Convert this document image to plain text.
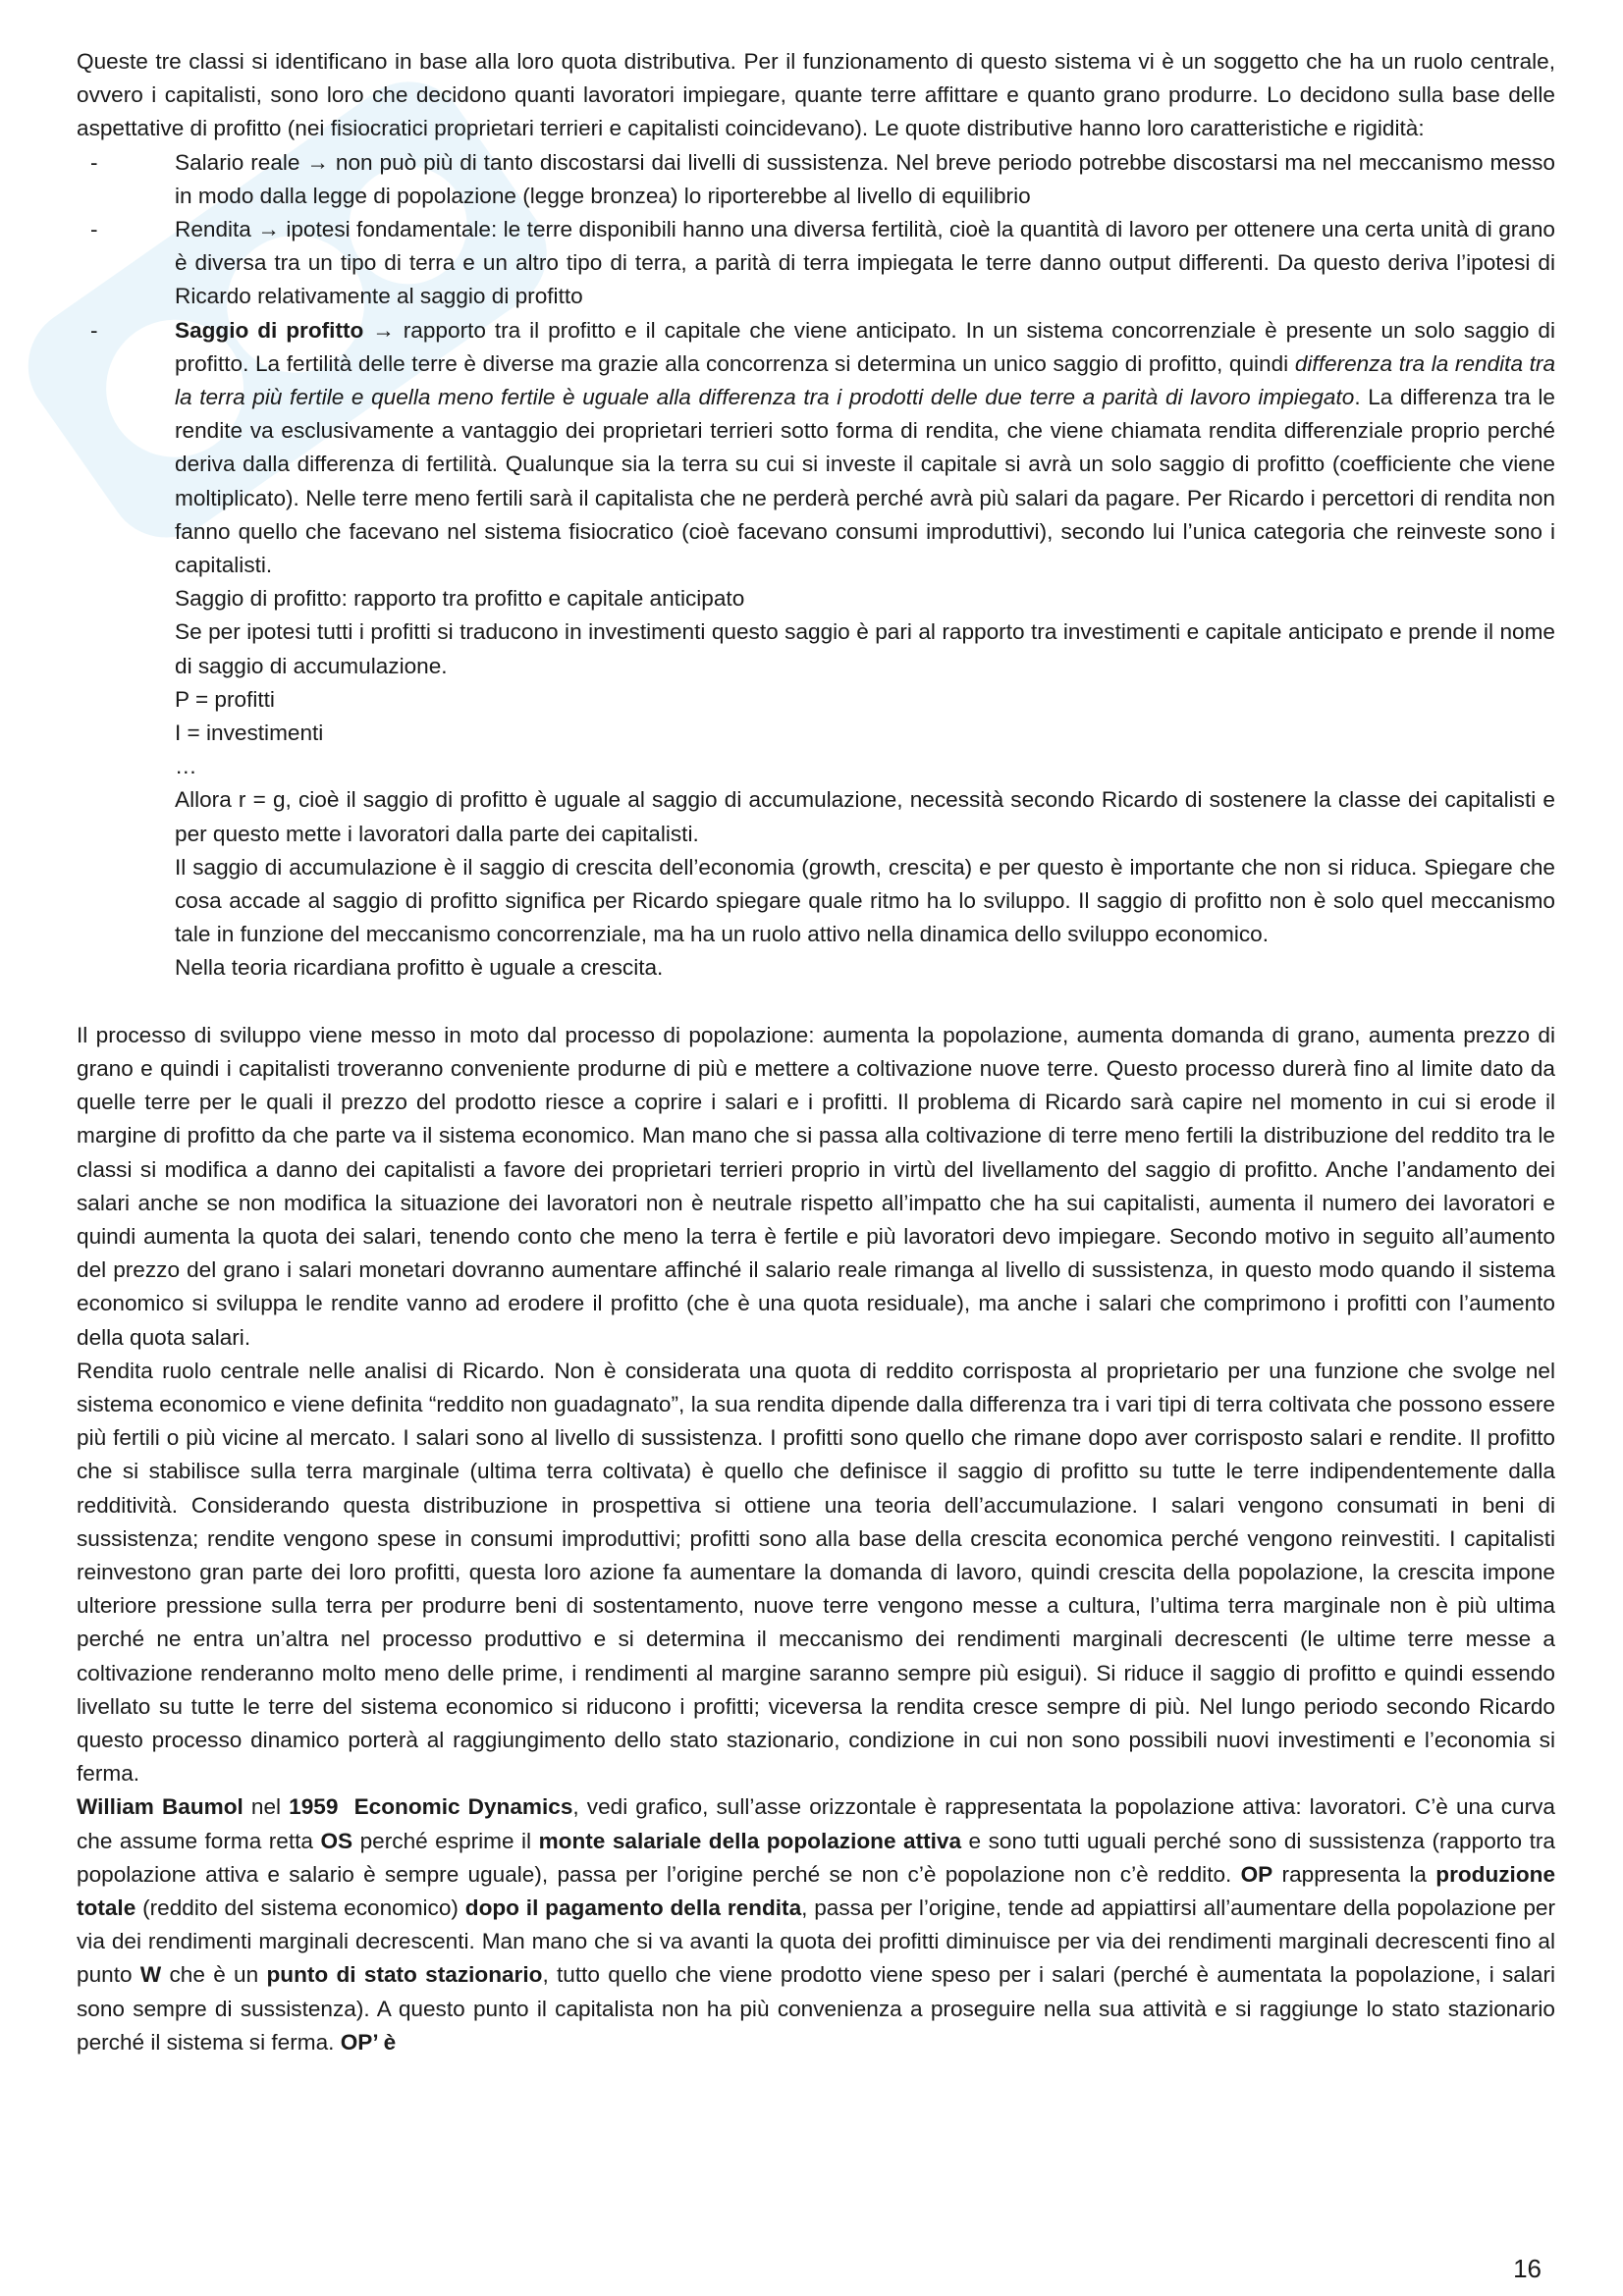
Queste tre classi si identificano in base alla loro quota distributiva. Per il funzionamento di questo sistema vi è un soggetto che ha un ruolo centrale, ovvero i capitalisti, sono loro che decidono quanti lavoratori impiegare, quante terre affittare e quanto grano produrre. Lo decidono sulla base delle aspettative di profitto (nei fisiocratici proprietari terrieri e capitalisti coincidevano). Le quote distributive hanno loro caratteristiche e rigidità:

-	Salario reale → non può più di tanto discostarsi dai livelli di sussistenza. Nel breve periodo potrebbe discostarsi ma nel meccanismo messo in modo dalla legge di popolazione (legge bronzea) lo riporterebbe al livello di equilibrio
-	Rendita → ipotesi fondamentale: le terre disponibili hanno una diversa fertilità, cioè la quantità di lavoro per ottenere una certa unità di grano è diversa tra un tipo di terra e un altro tipo di terra, a parità di terra impiegata le terre danno output differenti. Da questo deriva l’ipotesi di Ricardo relativamente al saggio di profitto
-	Saggio di profitto → rapporto tra il profitto e il capitale che viene anticipato. In un sistema concorrenziale è presente un solo saggio di profitto. La fertilità delle terre è diverse ma grazie alla concorrenza si determina un unico saggio di profitto, quindi differenza tra la rendita tra la terra più fertile e quella meno fertile è uguale alla differenza tra i prodotti delle due terre a parità di lavoro impiegato. La differenza tra le rendite va esclusivamente a vantaggio dei proprietari terrieri sotto forma di rendita, che viene chiamata rendita differenziale proprio perché deriva dalla differenza di fertilità. Qualunque sia la terra su cui si investe il capitale si avrà un solo saggio di profitto (coefficiente che viene moltiplicato). Nelle terre meno fertili sarà il capitalista che ne perderà perché avrà più salari da pagare. Per Ricardo i percettori di rendita non fanno quello che facevano nel sistema fisiocratico (cioè facevano consumi improduttivi), secondo lui l’unica categoria che reinveste sono i capitalisti.

Saggio di profitto: rapporto tra profitto e capitale anticipato

Se per ipotesi tutti i profitti si traducono in investimenti questo saggio è pari al rapporto tra investimenti e capitale anticipato e prende il nome di saggio di accumulazione.

P = profitti

I = investimenti

…

Allora r = g, cioè il saggio di profitto è uguale al saggio di accumulazione, necessità secondo Ricardo di sostenere la classe dei capitalisti e per questo mette i lavoratori dalla parte dei capitalisti.

Il saggio di accumulazione è il saggio di crescita dell’economia (growth, crescita) e per questo è importante che non si riduca. Spiegare che cosa accade al saggio di profitto significa per Ricardo spiegare quale ritmo ha lo sviluppo. Il saggio di profitto non è solo quel meccanismo tale in funzione del meccanismo concorrenziale, ma ha un ruolo attivo nella dinamica dello sviluppo economico.

Nella teoria ricardiana profitto è uguale a crescita.

Il processo di sviluppo viene messo in moto dal processo di popolazione: aumenta la popolazione, aumenta domanda di grano, aumenta prezzo di grano e quindi i capitalisti troveranno conveniente produrne di più e mettere a coltivazione nuove terre. Questo processo durerà fino al limite dato da quelle terre per le quali il prezzo del prodotto riesce a coprire i salari e i profitti. Il problema di Ricardo sarà capire nel momento in cui si erode il margine di profitto da che parte va il sistema economico. Man mano che si passa alla coltivazione di terre meno fertili la distribuzione del reddito tra le classi si modifica a danno dei capitalisti a favore dei proprietari terrieri proprio in virtù del livellamento del saggio di profitto. Anche l’andamento dei salari anche se non modifica la situazione dei lavoratori non è neutrale rispetto all’impatto che ha sui capitalisti, aumenta il numero dei lavoratori e quindi aumenta la quota dei salari, tenendo conto che meno la terra è fertile e più lavoratori devo impiegare. Secondo motivo in seguito all’aumento del prezzo del grano i salari monetari dovranno aumentare affinché il salario reale rimanga al livello di sussistenza, in questo modo quando il sistema economico si sviluppa le rendite vanno ad erodere il profitto (che è una quota residuale), ma anche i salari che comprimono i profitti con l’aumento della quota salari.

Rendita ruolo centrale nelle analisi di Ricardo. Non è considerata una quota di reddito corrisposta al proprietario per una funzione che svolge nel sistema economico e viene definita “reddito non guadagnato”, la sua rendita dipende dalla differenza tra i vari tipi di terra coltivata che possono essere più fertili o più vicine al mercato. I salari sono al livello di sussistenza. I profitti sono quello che rimane dopo aver corrisposto salari e rendite. Il profitto che si stabilisce sulla terra marginale (ultima terra coltivata) è quello che definisce il saggio di profitto su tutte le terre indipendentemente dalla redditività. Considerando questa distribuzione in prospettiva si ottiene una teoria dell’accumulazione. I salari vengono consumati in beni di sussistenza; rendite vengono spese in consumi improduttivi; profitti sono alla base della crescita economica perché vengono reinvestiti. I capitalisti reinvestono gran parte dei loro profitti, questa loro azione fa aumentare la domanda di lavoro, quindi crescita della popolazione, la crescita impone ulteriore pressione sulla terra per produrre beni di sostentamento, nuove terre vengono messe a cultura, l’ultima terra marginale non è più ultima perché ne entra un’altra nel processo produttivo e si determina il meccanismo dei rendimenti marginali decrescenti (le ultime terre messe a coltivazione renderanno molto meno delle prime, i rendimenti al margine saranno sempre più esigui). Si riduce il saggio di profitto e quindi essendo livellato su tutte le terre del sistema economico si riducono i profitti; viceversa la rendita cresce sempre di più. Nel lungo periodo secondo Ricardo questo processo dinamico porterà al raggiungimento dello stato stazionario, condizione in cui non sono possibili nuovi investimenti e l’economia si ferma.

William Baumol nel 1959 Economic Dynamics, vedi grafico, sull’asse orizzontale è rappresentata la popolazione attiva: lavoratori. C’è una curva che assume forma retta OS perché esprime il monte salariale della popolazione attiva e sono tutti uguali perché sono di sussistenza (rapporto tra popolazione attiva e salario è sempre uguale), passa per l’origine perché se non c’è popolazione non c’è reddito. OP rappresenta la produzione totale (reddito del sistema economico) dopo il pagamento della rendita, passa per l’origine, tende ad appiattirsi all’aumentare della popolazione per via dei rendimenti marginali decrescenti. Man mano che si va avanti la quota dei profitti diminuisce per via dei rendimenti marginali decrescenti fino al punto W che è un punto di stato stazionario, tutto quello che viene prodotto viene speso per i salari (perché è aumentata la popolazione, i salari sono sempre di sussistenza). A questo punto il capitalista non ha più convenienza a proseguire nella sua attività e si raggiunge lo stato stazionario perché il sistema si ferma. OP’ è

16
